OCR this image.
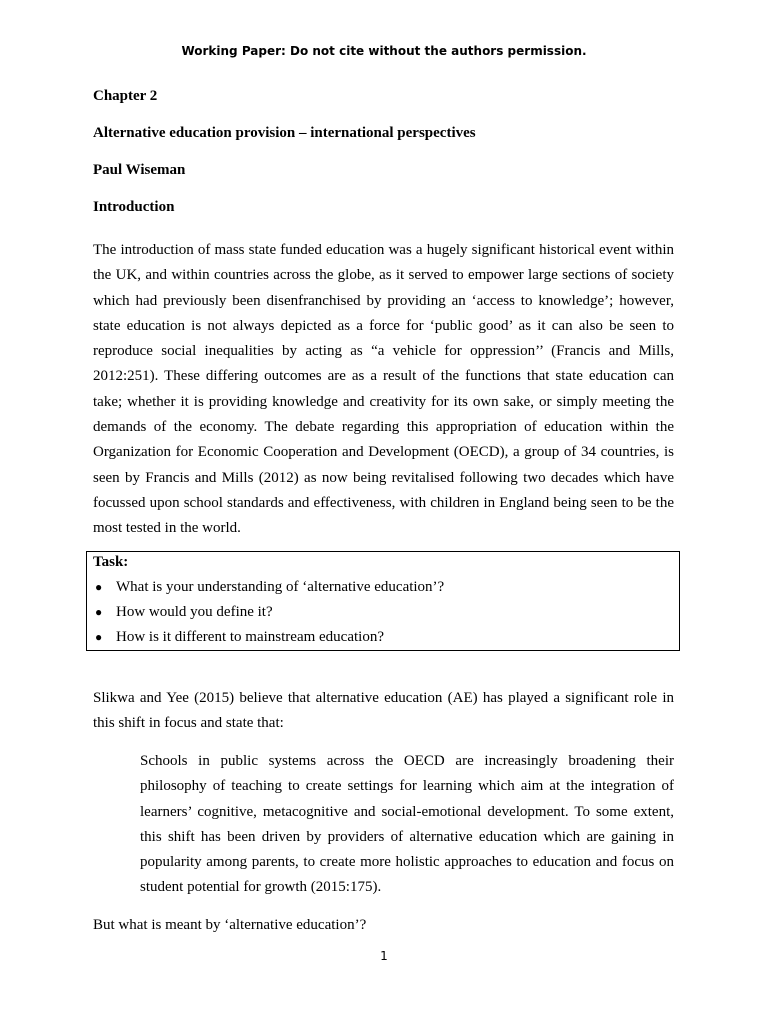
Working Paper: Do not cite without the authors permission.
Chapter 2
Alternative education provision – international perspectives
Paul Wiseman
Introduction

The introduction of mass state funded education was a hugely significant historical event within the UK, and within countries across the globe, as it served to empower large sections of society which had previously been disenfranchised by providing an ‘access to knowledge’; however, state education is not always depicted as a force for ‘public good’ as it can also be seen to reproduce social inequalities by acting as “a vehicle for oppression’’ (Francis and Mills, 2012:251). These differing outcomes are as a result of the functions that state education can take; whether it is providing knowledge and creativity for its own sake, or simply meeting the demands of the economy. The debate regarding this appropriation of education within the Organization for Economic Cooperation and Development (OECD), a group of 34 countries, is seen by Francis and Mills (2012) as now being revitalised following two decades which have focussed upon school standards and effectiveness, with children in England being seen to be the most tested in the world.

Task:
● What is your understanding of ‘alternative education’?
● How would you define it?
● How is it different to mainstream education?

Slikwa and Yee (2015) believe that alternative education (AE) has played a significant role in this shift in focus and state that:

Schools in public systems across the OECD are increasingly broadening their philosophy of teaching to create settings for learning which aim at the integration of learners’ cognitive, metacognitive and social-emotional development. To some extent, this shift has been driven by providers of alternative education which are gaining in popularity among parents, to create more holistic approaches to education and focus on student potential for growth (2015:175).

But what is meant by ‘alternative education’?

1
